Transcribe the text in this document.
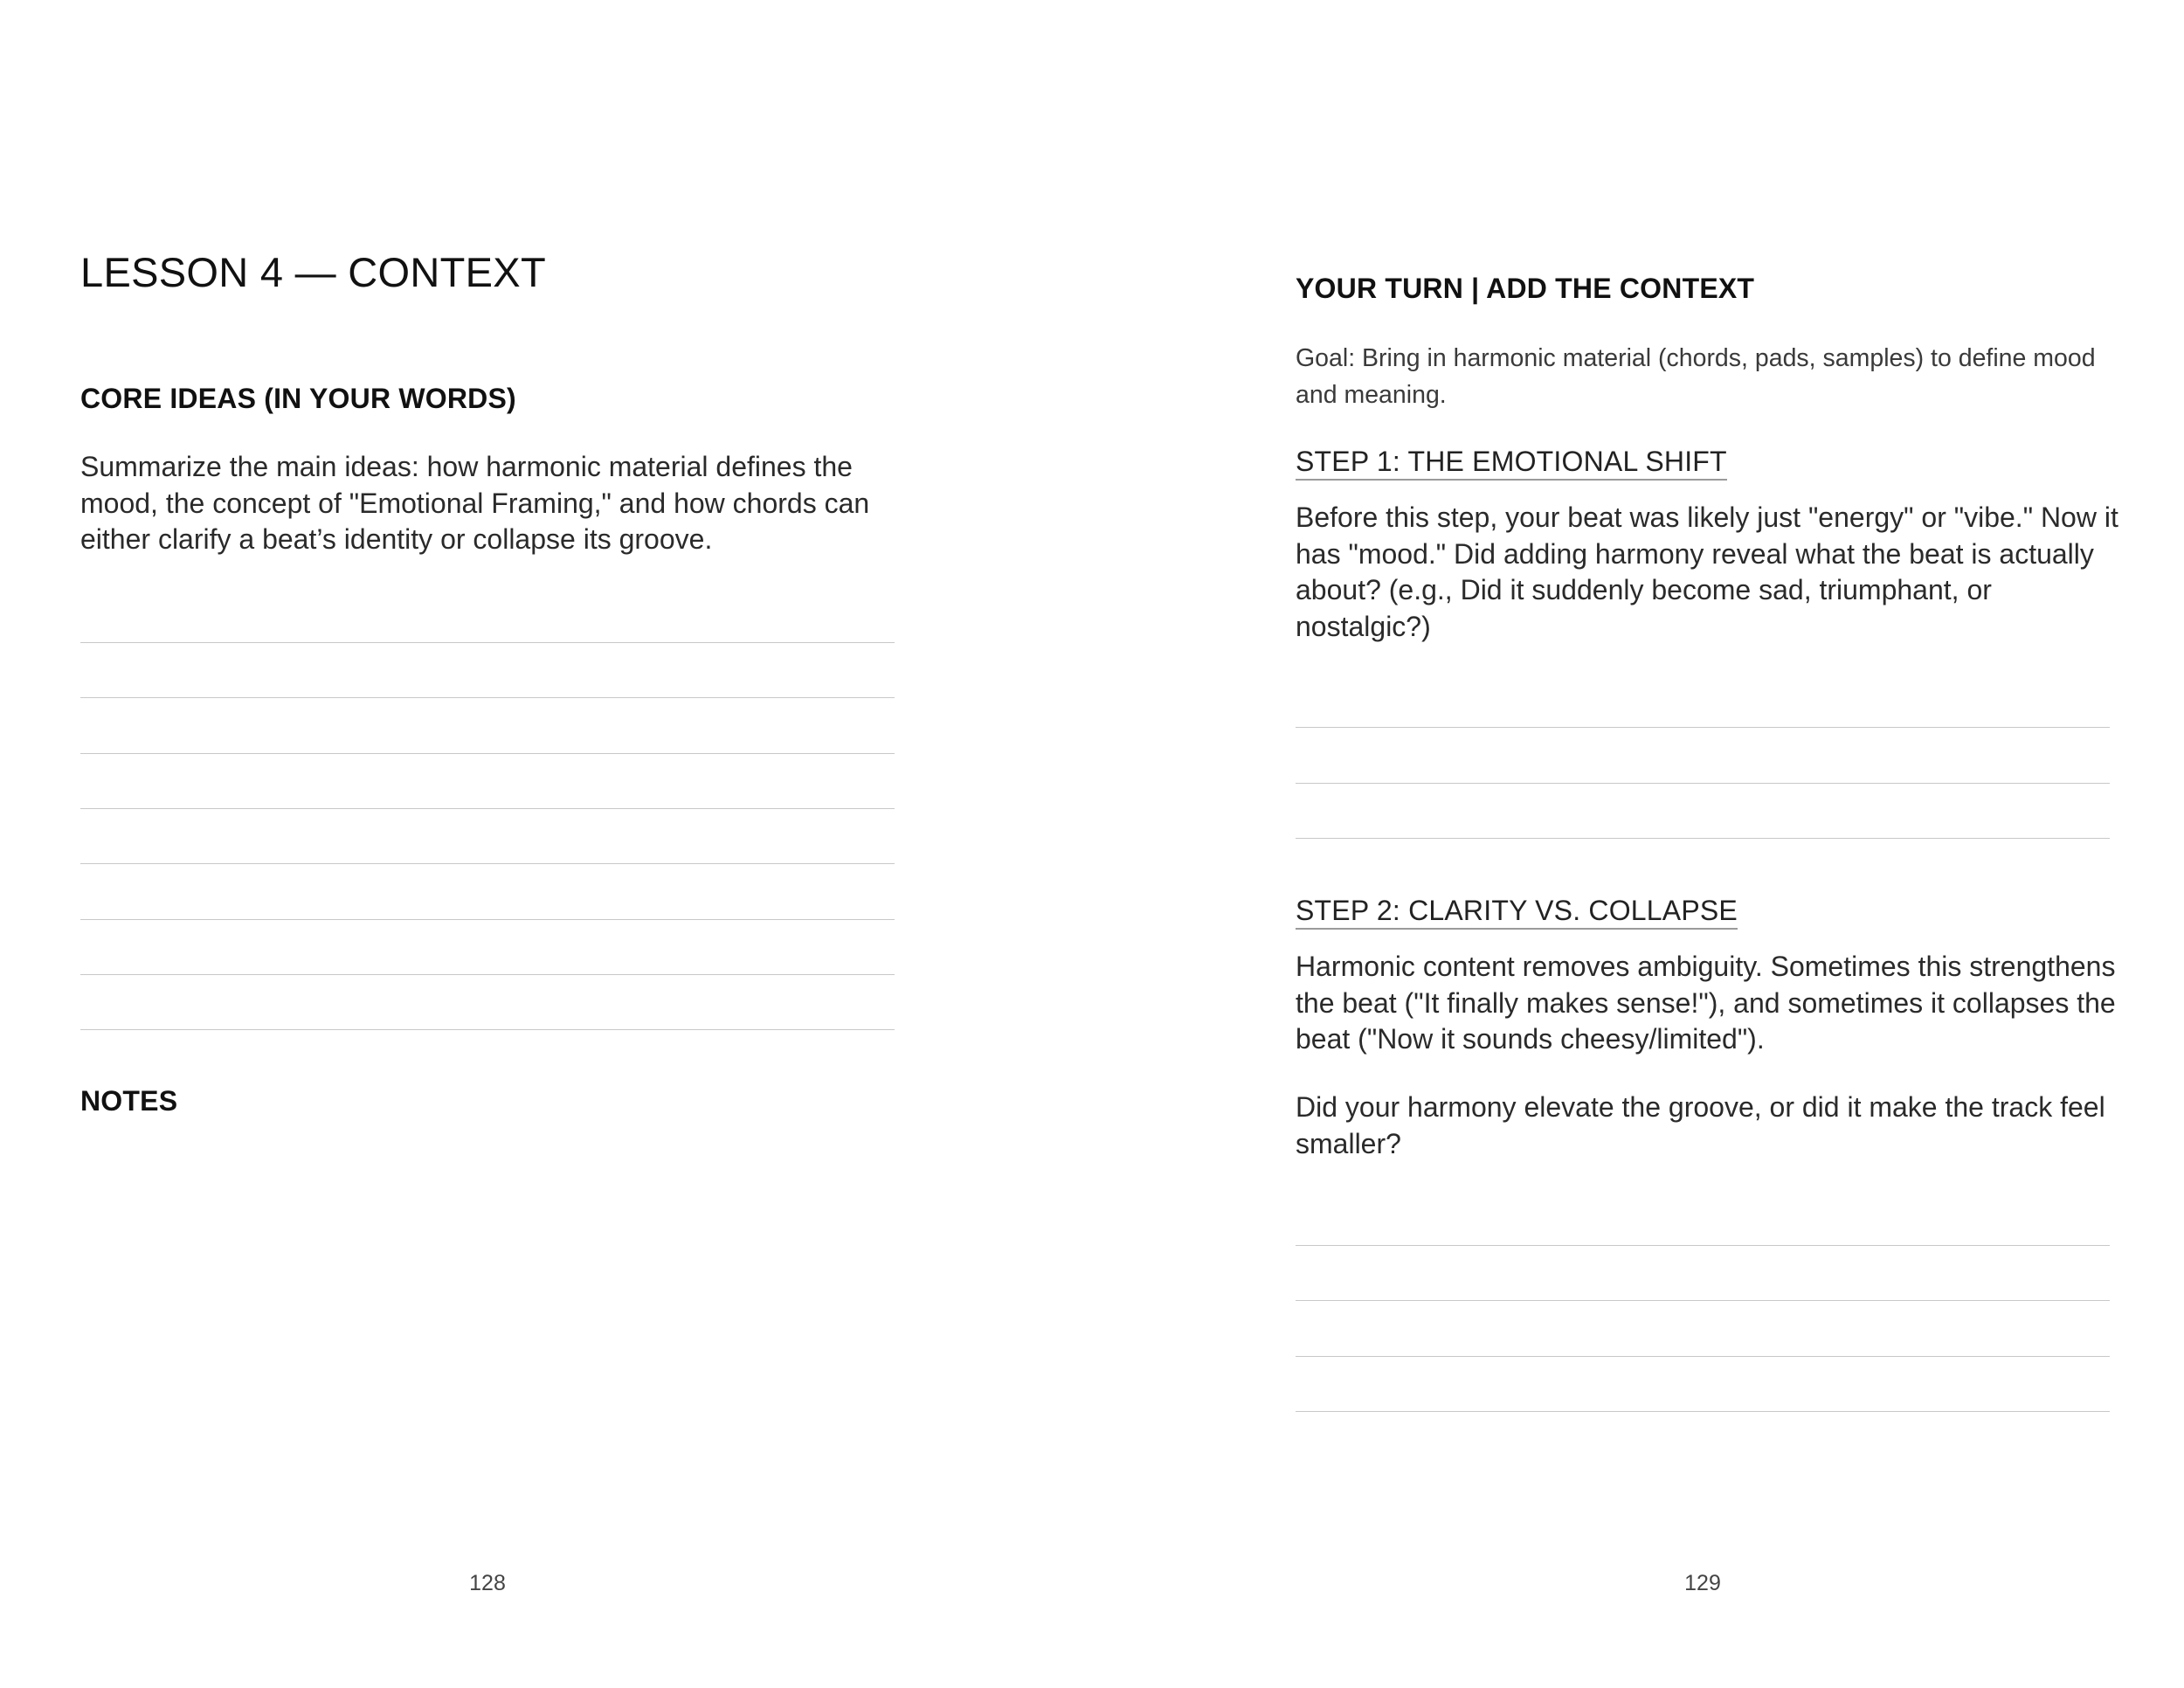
LESSON 4 — CONTEXT
CORE IDEAS (IN YOUR WORDS)

Summarize the main ideas: how harmonic material defines the mood, the concept of "Emotional Framing," and how chords can either clarify a beat’s identity or collapse its groove.

NOTES
128
YOUR TURN | ADD THE CONTEXT

Goal: Bring in harmonic material (chords, pads, samples) to define mood and meaning.

STEP 1: THE EMOTIONAL SHIFT

Before this step, your beat was likely just "energy" or "vibe." Now it has "mood." Did adding harmony reveal what the beat is actually about? (e.g., Did it suddenly become sad, triumphant, or nostalgic?)

STEP 2: CLARITY VS. COLLAPSE

Harmonic content removes ambiguity. Sometimes this strengthens the beat ("It finally makes sense!"), and sometimes it collapses the beat ("Now it sounds cheesy/limited").

Did your harmony elevate the groove, or did it make the track feel smaller?

129
